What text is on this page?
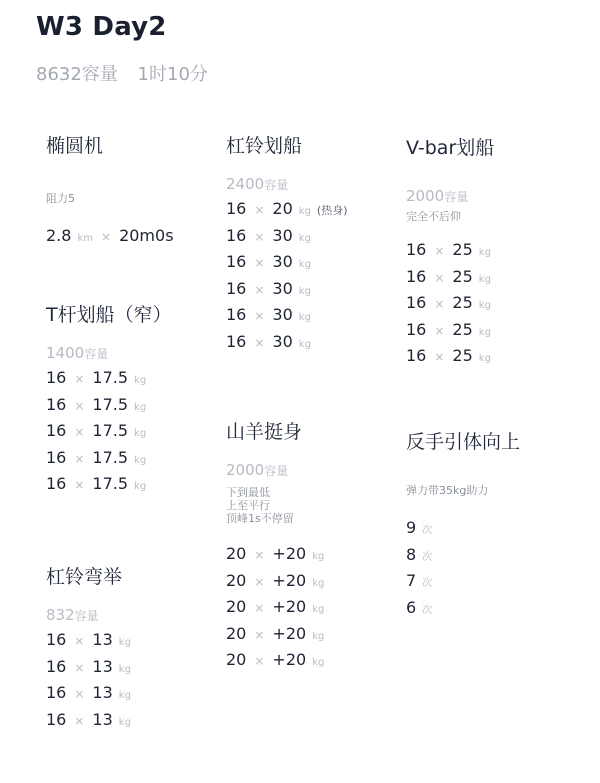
W3 Day2
8632容量 1时10分
椭圆机
阻力5
2.8 km × 20m0s
T杆划船（窄）
1400容量
16 × 17.5 kg
16 × 17.5 kg
16 × 17.5 kg
16 × 17.5 kg
16 × 17.5 kg
杠铃弯举
832容量
16 × 13 kg
16 × 13 kg
16 × 13 kg
16 × 13 kg
杠铃划船
2400容量
16 × 20 kg (热身)
16 × 30 kg
16 × 30 kg
16 × 30 kg
16 × 30 kg
16 × 30 kg
山羊挺身
2000容量
下到最低
上至平行
顶峰1s不停留
20 × +20 kg
20 × +20 kg
20 × +20 kg
20 × +20 kg
20 × +20 kg
V-bar划船
2000容量
完全不后仰
16 × 25 kg
16 × 25 kg
16 × 25 kg
16 × 25 kg
16 × 25 kg
反手引体向上
弹力带35kg助力
9 次
8 次
7 次
6 次
